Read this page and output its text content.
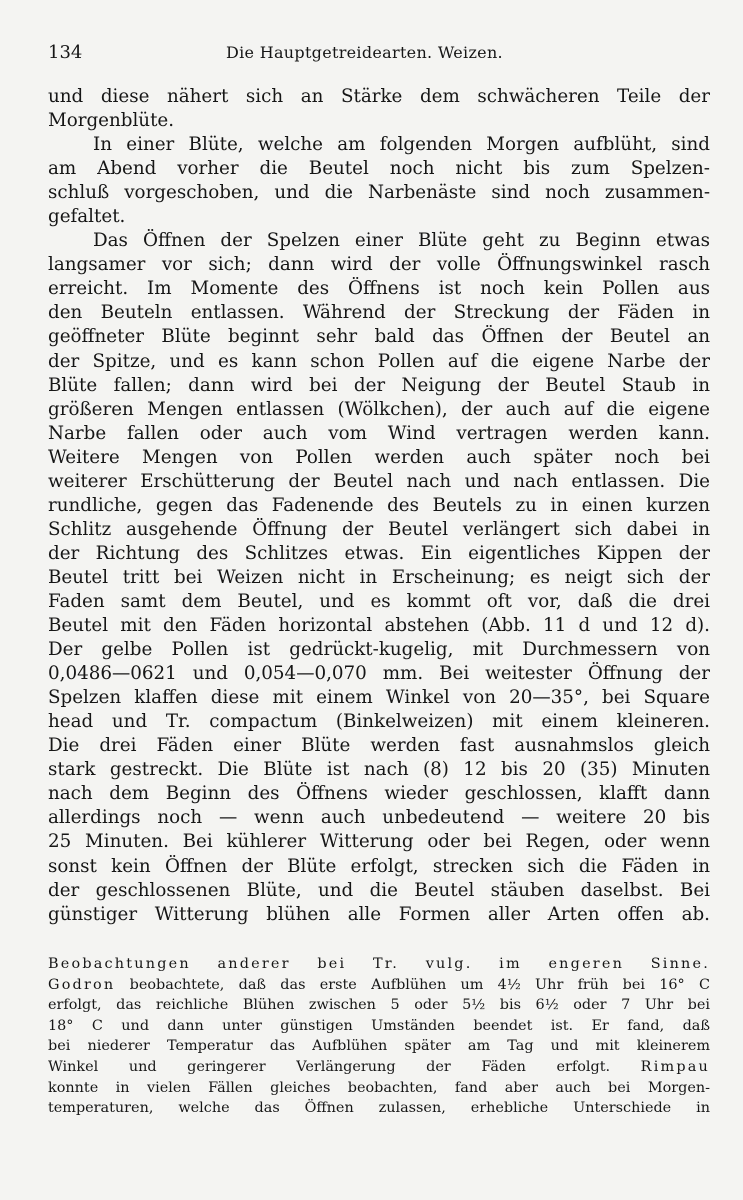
134	Die Hauptgetreidearten. Weizen.
und diese nähert sich an Stärke dem schwächeren Teile der
Morgenblüte.
In einer Blüte, welche am folgenden Morgen aufblüht, sind
am Abend vorher die Beutel noch nicht bis zum Spelzen-
schluß vorgeschoben, und die Narbenäste sind noch zusammen-
gefaltet.
Das Öffnen der Spelzen einer Blüte geht zu Beginn etwas
langsamer vor sich; dann wird der volle Öffnungswinkel rasch
erreicht. Im Momente des Öffnens ist noch kein Pollen aus
den Beuteln entlassen. Während der Streckung der Fäden in
geöffneter Blüte beginnt sehr bald das Öffnen der Beutel an
der Spitze, und es kann schon Pollen auf die eigene Narbe der
Blüte fallen; dann wird bei der Neigung der Beutel Staub in
größeren Mengen entlassen (Wölkchen), der auch auf die eigene
Narbe fallen oder auch vom Wind vertragen werden kann.
Weitere Mengen von Pollen werden auch später noch bei
weiterer Erschütterung der Beutel nach und nach entlassen. Die
rundliche, gegen das Fadenende des Beutels zu in einen kurzen
Schlitz ausgehende Öffnung der Beutel verlängert sich dabei in
der Richtung des Schlitzes etwas. Ein eigentliches Kippen der
Beutel tritt bei Weizen nicht in Erscheinung; es neigt sich der
Faden samt dem Beutel, und es kommt oft vor, daß die drei
Beutel mit den Fäden horizontal abstehen (Abb. 11 d und 12 d).
Der gelbe Pollen ist gedrückt-kugelig, mit Durchmessern von
0,0486—0621 und 0,054—0,070 mm. Bei weitester Öffnung der
Spelzen klaffen diese mit einem Winkel von 20—35°, bei Square
head und Tr. compactum (Binkelweizen) mit einem kleineren.
Die drei Fäden einer Blüte werden fast ausnahmslos gleich
stark gestreckt. Die Blüte ist nach (8) 12 bis 20 (35) Minuten
nach dem Beginn des Öffnens wieder geschlossen, klafft dann
allerdings noch — wenn auch unbedeutend — weitere 20 bis
25 Minuten. Bei kühlerer Witterung oder bei Regen, oder wenn
sonst kein Öffnen der Blüte erfolgt, strecken sich die Fäden in
der geschlossenen Blüte, und die Beutel stäuben daselbst. Bei
günstiger Witterung blühen alle Formen aller Arten offen ab.
Beobachtungen anderer bei Tr. vulg. im engeren Sinne.
Godron beobachtete, daß das erste Aufblühen um 4½ Uhr früh bei 16° C
erfolgt, das reichliche Blühen zwischen 5 oder 5½ bis 6½ oder 7 Uhr bei
18° C und dann unter günstigen Umständen beendet ist. Er fand, daß
bei niederer Temperatur das Aufblühen später am Tag und mit kleinerem
Winkel und geringerer Verlängerung der Fäden erfolgt. Rimpau
konnte in vielen Fällen gleiches beobachten, fand aber auch bei Morgen-
temperaturen, welche das Öffnen zulassen, erhebliche Unterschiede in
